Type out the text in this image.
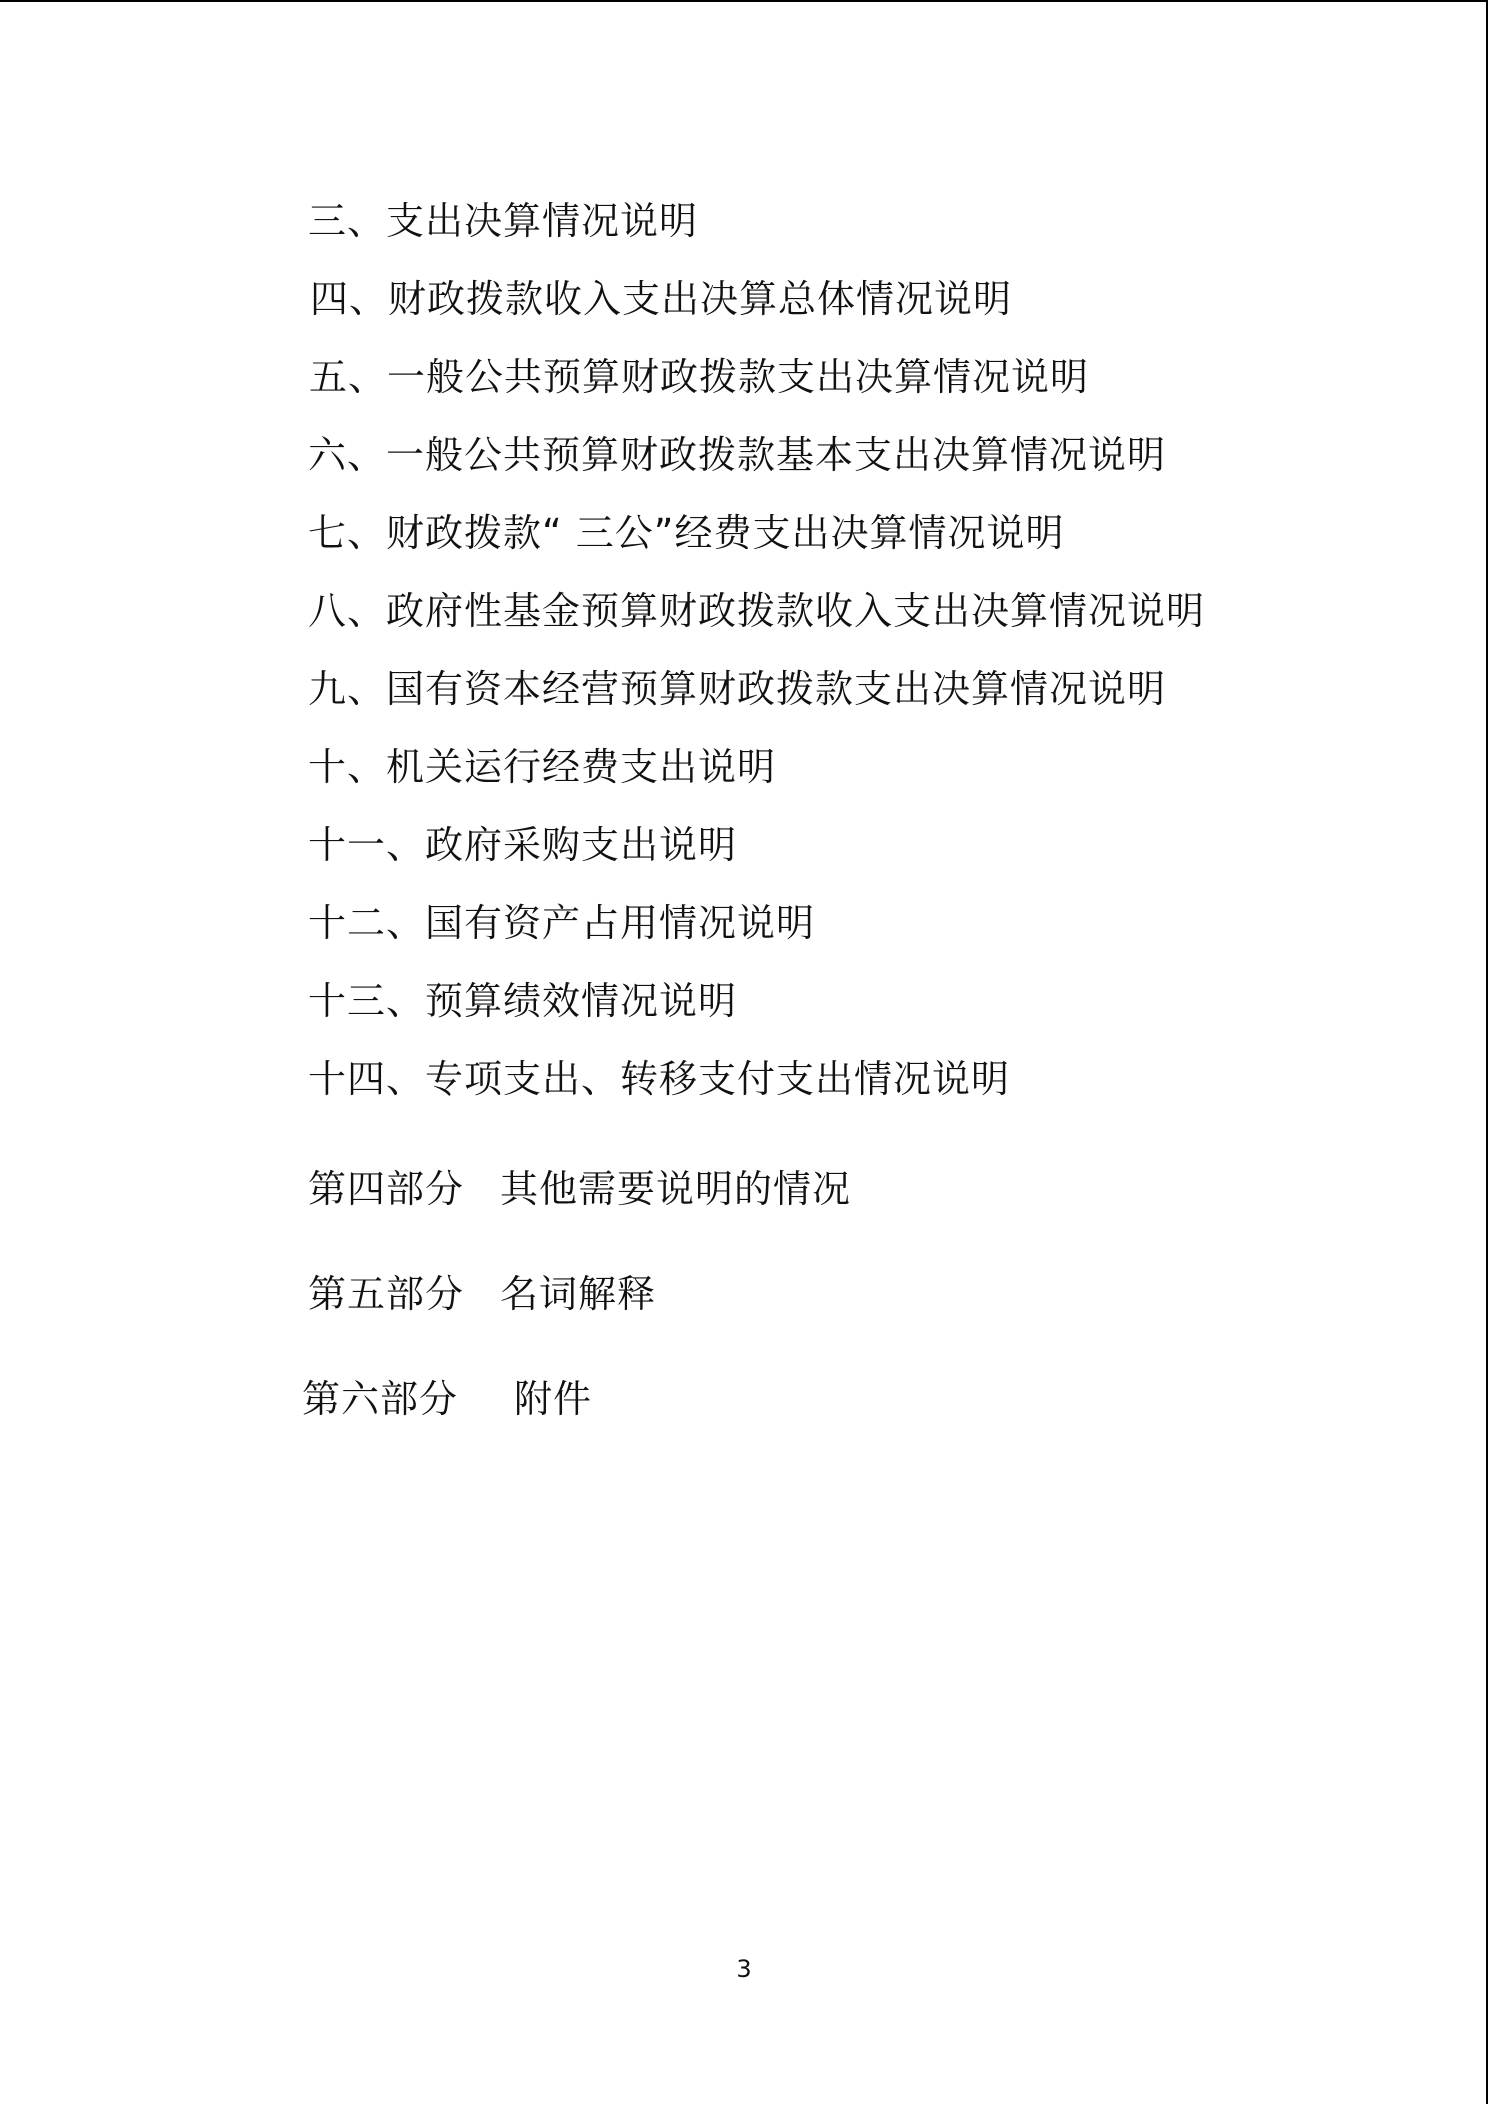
三、支出决算情况说明
四、财政拨款收入支出决算总体情况说明
五、一般公共预算财政拨款支出决算情况说明
六、一般公共预算财政拨款基本支出决算情况说明
七、财政拨款“ 三公”经费支出决算情况说明
八、政府性基金预算财政拨款收入支出决算情况说明
九、国有资本经营预算财政拨款支出决算情况说明
十、机关运行经费支出说明
十一、政府采购支出说明
十二、国有资产占用情况说明
十三、预算绩效情况说明
十四、专项支出、转移支付支出情况说明
第四部分 其他需要说明的情况
第五部分 名词解释
第六部分 附件
3
